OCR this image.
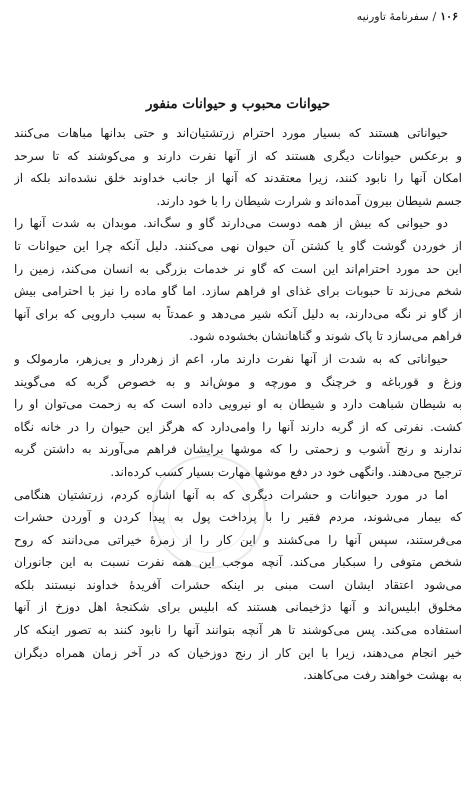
۱۰۶/سفرنامهٔ تاورنیه
حیوانات محبوب و حیوانات منفور

حیواناتی هستند که بسیار مورد احترام زرتشتیان‌اند و حتی بدانها مباهات می‌کنند
و برعکس حیوانات دیگری هستند که از آنها نفرت دارند و می‌کوشند که تا سرحد
امکان آنها را نابود کنند، زیرا معتقدند که آنها از جانب خداوند خلق نشده‌اند بلکه از
جسم شیطان بیرون آمده‌اند و شرارت شیطان را با خود دارند.

دو حیوانی که بیش از همه دوست می‌دارند گاو و سگ‌اند. موبدان به شدت آنها را
از خوردن گوشت گاو یا کشتن آن حیوان نهی می‌کنند. دلیل آنکه چرا این حیوانات تا
این حد مورد احترام‌اند این است که گاو نر خدمات بزرگی به انسان می‌کند، زمین را
شخم می‌زند تا حبوبات برای غذای او فراهم سازد. اما گاو ماده را نیز با احترامی بیش
از گاو نر نگه می‌دارند، به دلیل آنکه شیر می‌دهد و عمدتاً به سبب دارویی که برای آنها
فراهم می‌سازد تا پاک شوند و گناهانشان بخشوده شود.

حیواناتی که به شدت از آنها نفرت دارند مار، اعم از زهردار و بی‌زهر، مارمولک و
وزغ و قورباغه و خرچنگ و مورچه و موش‌اند و به خصوص گربه که می‌گویند
به شیطان شباهت دارد و شیطان به او نیرویی داده است که به زحمت می‌توان او را
کشت. نفرتی که از گربه دارند آنها را وامی‌دارد که هرگز این حیوان را در خانه نگاه
ندارند و رنج آشوب و زحمتی را که موشها برایشان فراهم می‌آورند به داشتن گربه
ترجیح می‌دهند. وانگهی خود در دفع موشها مهارت بسیار کسب کرده‌اند.

اما در مورد حیوانات و حشرات دیگری که به آنها اشاره کردم، زرتشتیان هنگامی
که بیمار می‌شوند، مردم فقیر را با پرداخت پول به پیدا کردن و آوردن حشرات
می‌فرستند، سپس آنها را می‌کشند و این کار را از زمرهٔ خیراتی می‌دانند که روح
شخص متوفی را سبکبار می‌کند. آنچه موجب این همه نفرت نسبت به این جانوران
می‌شود اعتقاد ایشان است مبنی بر اینکه حشرات آفریدهٔ خداوند نیستند بلکه
مخلوق ابلیس‌اند و آنها دژخیمانی هستند که ابلیس برای شکنجهٔ اهل دوزخ از آنها
استفاده می‌کند. پس می‌کوشند تا هر آنچه بتوانند آنها را نابود کنند به تصور اینکه کار
خیر انجام می‌دهند، زیرا با این کار از رنج دوزخیان که در آخر زمان همراه دیگران
به بهشت خواهند رفت می‌کاهند.
